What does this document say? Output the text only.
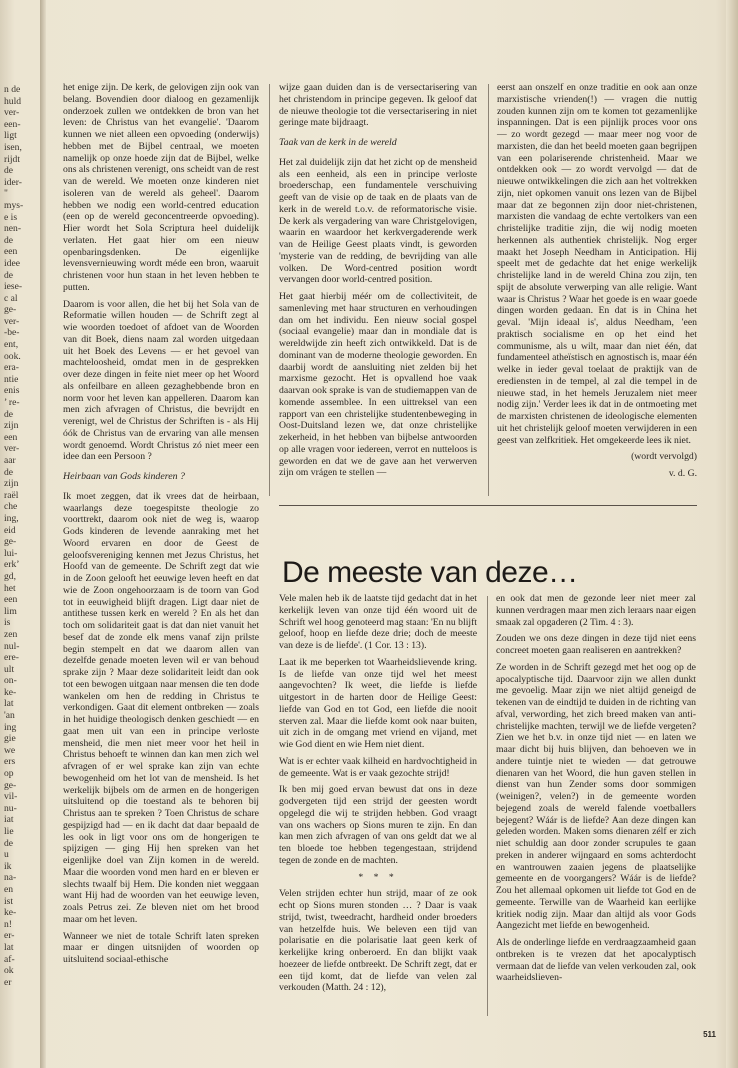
n de
huld
ver-
een-
ligt
isen,
rijdt
de
ider-
"
mys-
e is
nen-
de
een
idee
de
iese-
c al
ge-
ver-
-be-
ent,
ook.
era-
ntie
enis
’ re-
de
zijn
een
ver-
aar
de
zijn
raël
che
ing,
eid
ge-
lui-
erk’
gd,
het
een
lim
is
zen
nul-
ere-
ult
on-
ke-
lat
'an
ing
gie
we
ers
op
ge-
vil-
nu-
iat
lie
de
u
ik
na-
en
ist
ke-
n!
er-
lat
af-
ok
er

het enige zijn. De kerk, de gelovigen zijn ook van belang. Bovendien door dialoog en gezamenlijk onderzoek zullen we ontdekken de bron van het leven: de Christus van het evangelie'. 'Daarom kunnen we niet alleen een opvoeding (onderwijs) hebben met de Bijbel centraal, we moeten namelijk op onze hoede zijn dat de Bijbel, welke ons als christenen verenigt, ons scheidt van de rest van de wereld. We moeten onze kinderen niet isoleren van de wereld als geheel'. Daarom hebben we nodig een world-centred education (een op de wereld geconcentreerde opvoeding). Hier wordt het Sola Scriptura heel duidelijk verlaten. Het gaat hier om een nieuw openbaringsdenken. De eigenlijke levensvernieuwing wordt méde een bron, waaruit christenen voor hun staan in het leven hebben te putten.

Daarom is voor allen, die het bij het Sola van de Reformatie willen houden — de Schrift zegt al wie woorden toedoet of afdoet van de Woorden van dit Boek, diens naam zal worden uitgedaan uit het Boek des Levens — er het gevoel van machteloosheid, omdat men in de gesprekken over deze dingen in feite niet meer op het Woord als onfeilbare en alleen gezaghebbende bron en norm voor het leven kan appelleren. Daarom kan men zich afvragen of Christus, die bevrijdt en verenigt, wel de Christus der Schriften is - als Hij óók de Christus van de ervaring van alle mensen wordt genoemd. Wordt Christus zó niet meer een idee dan een Persoon ?

Heirbaan van Gods kinderen ?

Ik moet zeggen, dat ik vrees dat de heirbaan, waarlangs deze toegespitste theologie zo voorttrekt, daarom ook niet de weg is, waarop Gods kinderen de levende aanraking met het Woord ervaren en door de Geest de geloofsvereniging kennen met Jezus Christus, het Hoofd van de gemeente. De Schrift zegt dat wie in de Zoon gelooft het eeuwige leven heeft en dat wie de Zoon ongehoorzaam is de toorn van God tot in eeuwigheid blijft dragen. Ligt daar niet de antithese tussen kerk en wereld ? En als het dan toch om solidariteit gaat is dat dan niet vanuit het besef dat de zonde elk mens vanaf zijn prilste begin stempelt en dat we daarom allen van dezelfde genade moeten leven wil er van behoud sprake zijn ? Maar deze solidariteit leidt dan ook tot een bewogen uitgaan naar mensen die ten dode wankelen om hen de redding in Christus te verkondigen. Gaat dit element ontbreken — zoals in het huidige theologisch denken geschiedt — en gaat men uit van een in principe verloste mensheid, die men niet meer voor het heil in Christus behoeft te winnen dan kan men zich wel afvragen of er wel sprake kan zijn van echte bewogenheid om het lot van de mensheid. Is het werkelijk bijbels om de armen en de hongerigen uitsluitend op die toestand als te behoren bij Christus aan te spreken ? Toen Christus de schare gespijzigd had — en ik dacht dat daar bepaald de les ook in ligt voor ons om de hongerigen te spijzigen — ging Hij hen spreken van het eigenlijke doel van Zijn komen in de wereld. Maar die woorden vond men hard en er bleven er slechts twaalf bij Hem. Die konden niet weggaan want Hij had de woorden van het eeuwige leven, zoals Petrus zei. Ze bleven niet om het brood maar om het leven.

Wanneer we niet de totale Schrift laten spreken maar er dingen uitsnijden of woorden op uitsluitend sociaal-ethische

wijze gaan duiden dan is de versectarisering van het christendom in principe gegeven. Ik geloof dat de nieuwe theologie tot die versectarisering in niet geringe mate bijdraagt.

Taak van de kerk in de wereld

Het zal duidelijk zijn dat het zicht op de mensheid als een eenheid, als een in principe verloste broederschap, een fundamentele verschuiving geeft van de visie op de taak en de plaats van de kerk in de wereld t.o.v. de reformatorische visie. De kerk als vergadering van ware Christgelovigen, waarin en waardoor het kerkvergaderende werk van de Heilige Geest plaats vindt, is geworden 'mysterie van de redding, de bevrijding van alle volken. De Word-centred position wordt vervangen door world-centred position.

Het gaat hierbij méér om de collectiviteit, de samenleving met haar structuren en verhoudingen dan om het individu. Een nieuw social gospel (sociaal evangelie) maar dan in mondiale dat is wereldwijde zin heeft zich ontwikkeld. Dat is de dominant van de moderne theologie geworden. En daarbij wordt de aansluiting niet zelden bij het marxisme gezocht. Het is opvallend hoe vaak daarvan ook sprake is van de studiemappen van de komende assemblee. In een uittreksel van een rapport van een christelijke studentenbeweging in Oost-Duitsland lezen we, dat onze christelijke zekerheid, in het hebben van bijbelse antwoorden op alle vragen voor iedereen, verrot en nutteloos is geworden en dat we de gave aan het verwerven zijn om vrágen te stellen —

eerst aan onszelf en onze traditie en ook aan onze marxistische vrienden(!) — vragen die nuttig zouden kunnen zijn om te komen tot gezamenlijke inspanningen. Dat is een pijnlijk proces voor ons — zo wordt gezegd — maar meer nog voor de marxisten, die dan het beeld moeten gaan begrijpen van een polariserende christenheid. Maar we ontdekken ook — zo wordt vervolgd — dat de nieuwe ontwikkelingen die zich aan het voltrekken zijn, niet opkomen vanuit ons lezen van de Bijbel maar dat ze begonnen zijn door niet-christenen, marxisten die vandaag de echte vertolkers van een christelijke traditie zijn, die wij nodig moeten herkennen als authentiek christelijk. Nog erger maakt het Joseph Needham in Anticipation. Hij speelt met de gedachte dat het enige werkelijk christelijke land in de wereld China zou zijn, ten spijt de absolute verwerping van alle religie. Want waar is Christus ? Waar het goede is en waar goede dingen worden gedaan. En dat is in China het geval. 'Mijn ideaal is', aldus Needham, 'een praktisch socialisme en op het eind het communisme, als u wilt, maar dan niet één, dat fundamenteel atheïstisch en agnostisch is, maar één welke in ieder geval toelaat de praktijk van de erediensten in de tempel, al zal die tempel in de nieuwe stad, in het hemels Jeruzalem niet meer nodig zijn.' Verder lees ik dat in de ontmoeting met de marxisten christenen de ideologische elementen uit het christelijk geloof moeten verwijderen in een geest van zelfkritiek. Het omgekeerde lees ik niet.

(wordt vervolgd)

v. d. G.

De meeste van deze…

Vele malen heb ik de laatste tijd gedacht dat in het kerkelijk leven van onze tijd één woord uit de Schrift wel hoog genoteerd mag staan: 'En nu blijft geloof, hoop en liefde deze drie; doch de meeste van deze is de liefde'. (1 Cor. 13 : 13).

Laat ik me beperken tot Waarheidslievende kring. Is de liefde van onze tijd wel het meest aangevochten? Ik weet, die liefde is liefde uitgestort in de harten door de Heilige Geest: liefde van God en tot God, een liefde die nooit sterven zal. Maar die liefde komt ook naar buiten, uit zich in de omgang met vriend en vijand, met wie God dient en wie Hem niet dient.

Wat is er echter vaak kilheid en hardvochtigheid in de gemeente. Wat is er vaak gezochte strijd!

Ik ben mij goed ervan bewust dat ons in deze godvergeten tijd een strijd der geesten wordt opgelegd die wij te strijden hebben. God vraagt van ons wachers op Sions muren te zijn. En dan kan men zich afvragen of van ons geldt dat we al ten bloede toe hebben tegengestaan, strijdend tegen de zonde en de machten.

* * *

Velen strijden echter hun strijd, maar of ze ook echt op Sions muren stonden … ? Daar is vaak strijd, twist, tweedracht, hardheid onder broeders van hetzelfde huis. We beleven een tijd van polarisatie en die polarisatie laat geen kerk of kerkelijke kring onberoerd. En dan blijkt vaak hoezeer de liefde ontbreekt. De Schrift zegt, dat er een tijd komt, dat de liefde van velen zal verkouden (Matth. 24 : 12),

en ook dat men de gezonde leer niet meer zal kunnen verdragen maar men zich leraars naar eigen smaak zal opgaderen (2 Tim. 4 : 3).

Zouden we ons deze dingen in deze tijd niet eens concreet moeten gaan realiseren en aantrekken?

Ze worden in de Schrift gezegd met het oog op de apocalyptische tijd. Daarvoor zijn we allen dunkt me gevoelig. Maar zijn we niet altijd geneigd de tekenen van de eindtijd te duiden in de richting van afval, verwording, het zich breed maken van anti-christelijke machten, terwijl we de liefde vergeten? Zien we het b.v. in onze tijd niet — en laten we maar dicht bij huis blijven, dan behoeven we in andere tuintje niet te wieden — dat getrouwe dienaren van het Woord, die hun gaven stellen in dienst van hun Zender soms door sommigen (weinigen?, velen?) in de gemeente worden bejegend zoals de wereld falende voetballers bejegent? Wáár is de liefde? Aan deze dingen kan geleden worden. Maken soms dienaren zélf er zich niet schuldig aan door zonder scrupules te gaan preken in anderer wijngaard en soms achterdocht en wantrouwen zaaien jegens de plaatselijke gemeente en de voorgangers? Wáár is de liefde? Zou het allemaal opkomen uit liefde tot God en de gemeente. Terwille van de Waarheid kan eerlijke kritiek nodig zijn. Maar dan altijd als voor Gods Aangezicht met liefde en bewogenheid.

Als de onderlinge liefde en verdraagzaamheid gaan ontbreken is te vrezen dat het apocalyptisch vermaan dat de liefde van velen verkouden zal, ook waarheidslieven-

511
